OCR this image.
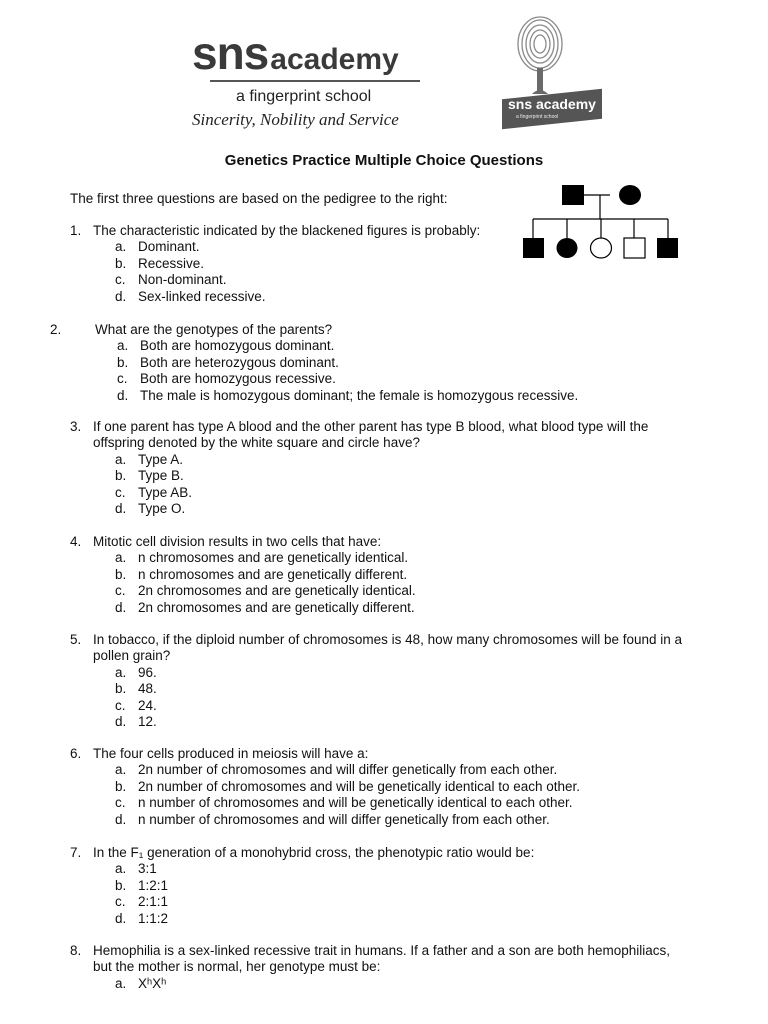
snsacademy
a fingerprint school
Sincerity, Nobility and Service
sns academy
a fingerprint school
Genetics Practice Multiple Choice Questions
The first three questions are based on the pedigree to the right:
1. The characteristic indicated by the blackened figures is probably:
a. Dominant.
b. Recessive.
c. Non-dominant.
d. Sex-linked recessive.
2. What are the genotypes of the parents?
a. Both are homozygous dominant.
b. Both are heterozygous dominant.
c. Both are homozygous recessive.
d. The male is homozygous dominant; the female is homozygous recessive.
3. If one parent has type A blood and the other parent has type B blood, what blood type will the
offspring denoted by the white square and circle have?
a. Type A.
b. Type B.
c. Type AB.
d. Type O.
4. Mitotic cell division results in two cells that have:
a. n chromosomes and are genetically identical.
b. n chromosomes and are genetically different.
c. 2n chromosomes and are genetically identical.
d. 2n chromosomes and are genetically different.
5. In tobacco, if the diploid number of chromosomes is 48, how many chromosomes will be found in a
pollen grain?
a. 96.
b. 48.
c. 24.
d. 12.
6. The four cells produced in meiosis will have a:
a. 2n number of chromosomes and will differ genetically from each other.
b. 2n number of chromosomes and will be genetically identical to each other.
c. n number of chromosomes and will be genetically identical to each other.
d. n number of chromosomes and will differ genetically from each other.
7. In the F₁ generation of a monohybrid cross, the phenotypic ratio would be:
a. 3:1
b. 1:2:1
c. 2:1:1
d. 1:1:2
8. Hemophilia is a sex-linked recessive trait in humans. If a father and a son are both hemophiliacs,
but the mother is normal, her genotype must be:
a. XʰXʰ
